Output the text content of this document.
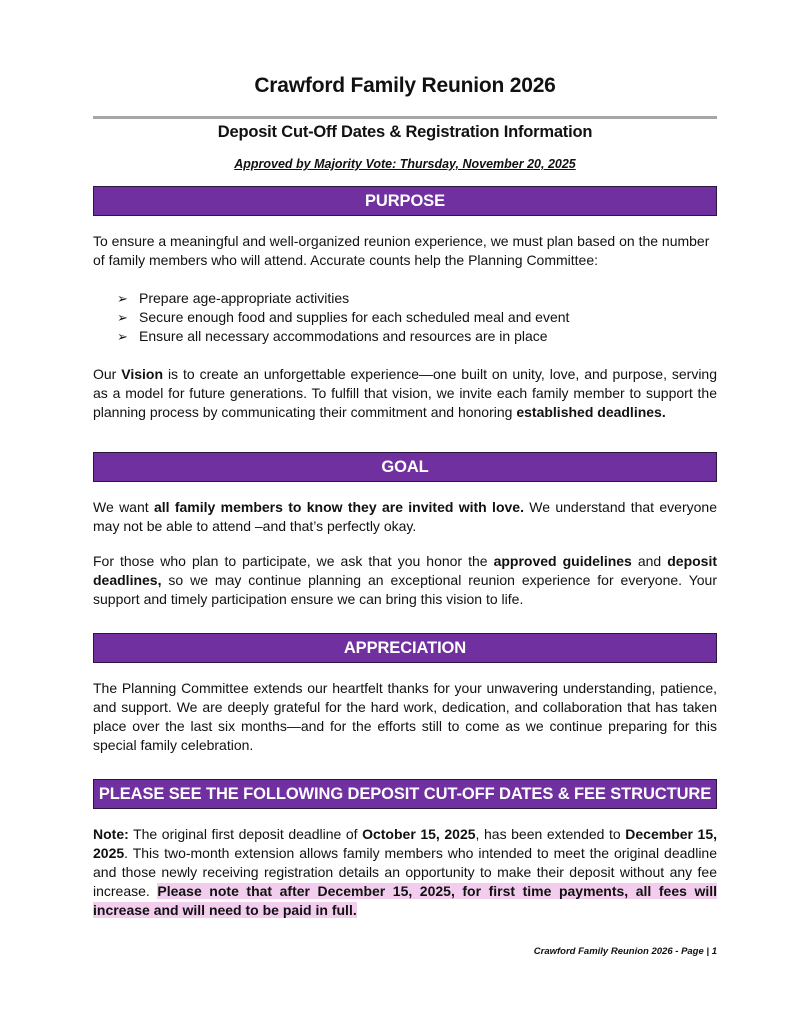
Crawford Family Reunion 2026
Deposit Cut-Off Dates & Registration Information
Approved by Majority Vote: Thursday, November 20, 2025
PURPOSE
To ensure a meaningful and well-organized reunion experience, we must plan based on the number of family members who will attend. Accurate counts help the Planning Committee:
➢ Prepare age-appropriate activities
➢ Secure enough food and supplies for each scheduled meal and event
➢ Ensure all necessary accommodations and resources are in place
Our Vision is to create an unforgettable experience—one built on unity, love, and purpose, serving as a model for future generations. To fulfill that vision, we invite each family member to support the planning process by communicating their commitment and honoring established deadlines.
GOAL
We want all family members to know they are invited with love. We understand that everyone may not be able to attend –and that’s perfectly okay.
For those who plan to participate, we ask that you honor the approved guidelines and deposit deadlines, so we may continue planning an exceptional reunion experience for everyone. Your support and timely participation ensure we can bring this vision to life.
APPRECIATION
The Planning Committee extends our heartfelt thanks for your unwavering understanding, patience, and support. We are deeply grateful for the hard work, dedication, and collaboration that has taken place over the last six months—and for the efforts still to come as we continue preparing for this special family celebration.
PLEASE SEE THE FOLLOWING DEPOSIT CUT-OFF DATES & FEE STRUCTURE
Note: The original first deposit deadline of October 15, 2025, has been extended to December 15, 2025. This two-month extension allows family members who intended to meet the original deadline and those newly receiving registration details an opportunity to make their deposit without any fee increase. Please note that after December 15, 2025, for first time payments, all fees will increase and will need to be paid in full.
Crawford Family Reunion 2026 - Page | 1
